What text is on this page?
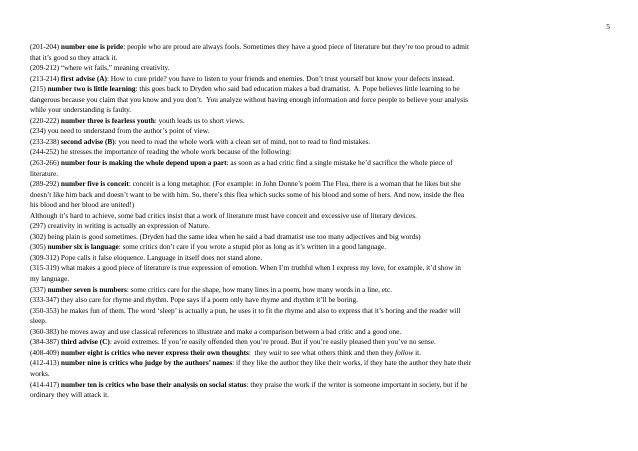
5
(201-204) number one is pride: people who are proud are always fools. Sometimes they have a good piece of literature but they’re too proud to admit
that it’s good so they attack it.
(209-212) “where wit fails,” meaning creativity.
(213-214) first advise (A): How to cure pride? you have to listen to your friends and enemies. Don’t trust yourself but know your defects instead.
(215) number two is little learning: this goes back to Dryden who said bad education makes a bad dramatist.  A. Pope believes little learning to be
dangerous because you claim that you know and you don’t.  You analyze without having enough information and force people to believe your analysis
while your understanding is faulty.
(220-222) number three is fearless youth: youth leads us to short views.
(234) you need to understand from the author’s point of view.
(233-238) second advise (B): you need to read the whole work with a clean set of mind, not to read to find mistakes.
(244-252) he stresses the importance of reading the whole work because of the following:
(263-266) number four is making the whole depend upon a part: as soon as a bad critic find a single mistake he’d sacrifice the whole piece of
literature.
(289-292) number five is conceit: conceit is a long metaphor. (For example: in John Donne’s poem The Flea, there is a woman that he likes but she
doesn’t like him back and doesn’t want to be with him. So, there’s this flea which sucks some of his blood and some of hers. And now, inside the flea
his blood and her blood are united!)
Although it’s hard to achieve, some bad critics insist that a work of literature must have conceit and excessive use of literary devices.
(297) creativity in writing is actually an expression of Nature.
(302) being plain is good sometimes. (Dryden had the same idea when he said a bad dramatist use too many adjectives and big words)
(305) number six is language: some critics don’t care if you wrote a stupid plot as long as it’s written in a good language.
(309-312) Pope calls it false eloquence. Language in itself does not stand alone.
(315-319) what makes a good piece of literature is true expression of emotion. When I’m truthful when I express my love, for example, it’d show in
my language.
(337) number seven is numbers: some critics care for the shape, how many lines in a poem, how many words in a line, etc.
(333-347) they also care for rhyme and rhythm. Pope says if a poem only have rhyme and rhythm it’ll be boring.
(350-353) he makes fun of them. The word ‘sleep’ is actually a pun, he uses it to fit the rhyme and also to express that it’s boring and the reader will
sleep.
(360-383) he moves away and use classical references to illustrate and make a comparison between a bad critic and a good one.
(384-387) third advise (C): avoid extremes. If you’re easily offended then you’re proud. But if you’re easily pleased then you’ve no sense.
(408-409) number eight is critics who never express their own thoughts:  they wait to see what others think and then they follow it.
(412-413) number nine is critics who judge by the authors’ names: if they like the author they like their works, if they hate the author they hate their
works.
(414-417) number ten is critics who base their analysis on social status: they praise the work if the writer is someone important in society, but if he
ordinary they will attack it.
